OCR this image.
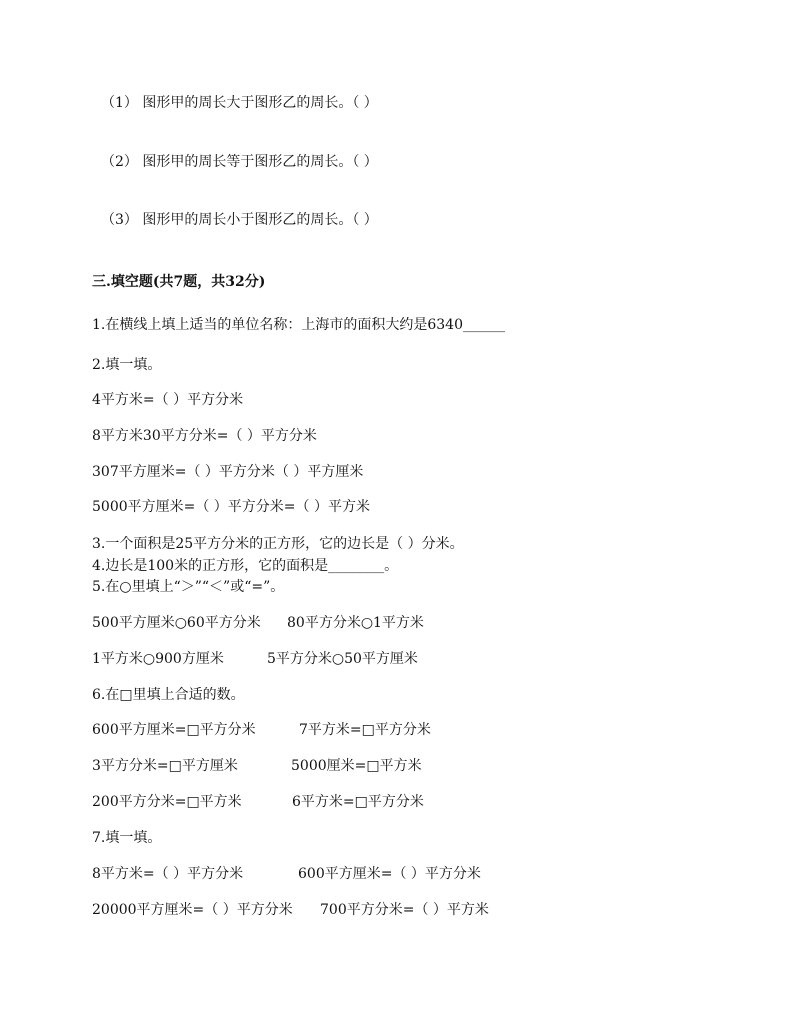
（1） 图形甲的周长大于图形乙的周长。（ ）
（2） 图形甲的周长等于图形乙的周长。（ ）
（3） 图形甲的周长小于图形乙的周长。（ ）
三.填空题(共7题，共32分)
1.在横线上填上适当的单位名称：上海市的面积大约是6340______
2.填一填。
4平方米=（ ）平方分米
8平方米30平方分米=（ ）平方分米
307平方厘米=（ ）平方分米（ ）平方厘米
5000平方厘米=（ ）平方分米=（ ）平方米
3.一个面积是25平方分米的正方形，它的边长是（ ）分米。
4.边长是100米的正方形，它的面积是________。
5.在○里填上“＞”“＜”或“=”。
500平方厘米○60平方分米 80平方分米○1平方米
1平方米○900方厘米	5平方分米○50平方厘米
6.在□里填上合适的数。
600平方厘米=□平方分米	7平方米=□平方分米
3平方分米=□平方厘米	5000厘米=□平方米
200平方分米=□平方米	6平方米=□平方分米
7.填一填。
8平方米=（ ）平方分米	600平方厘米=（ ）平方分米
20000平方厘米=（ ）平方分米 700平方分米=（ ）平方米
